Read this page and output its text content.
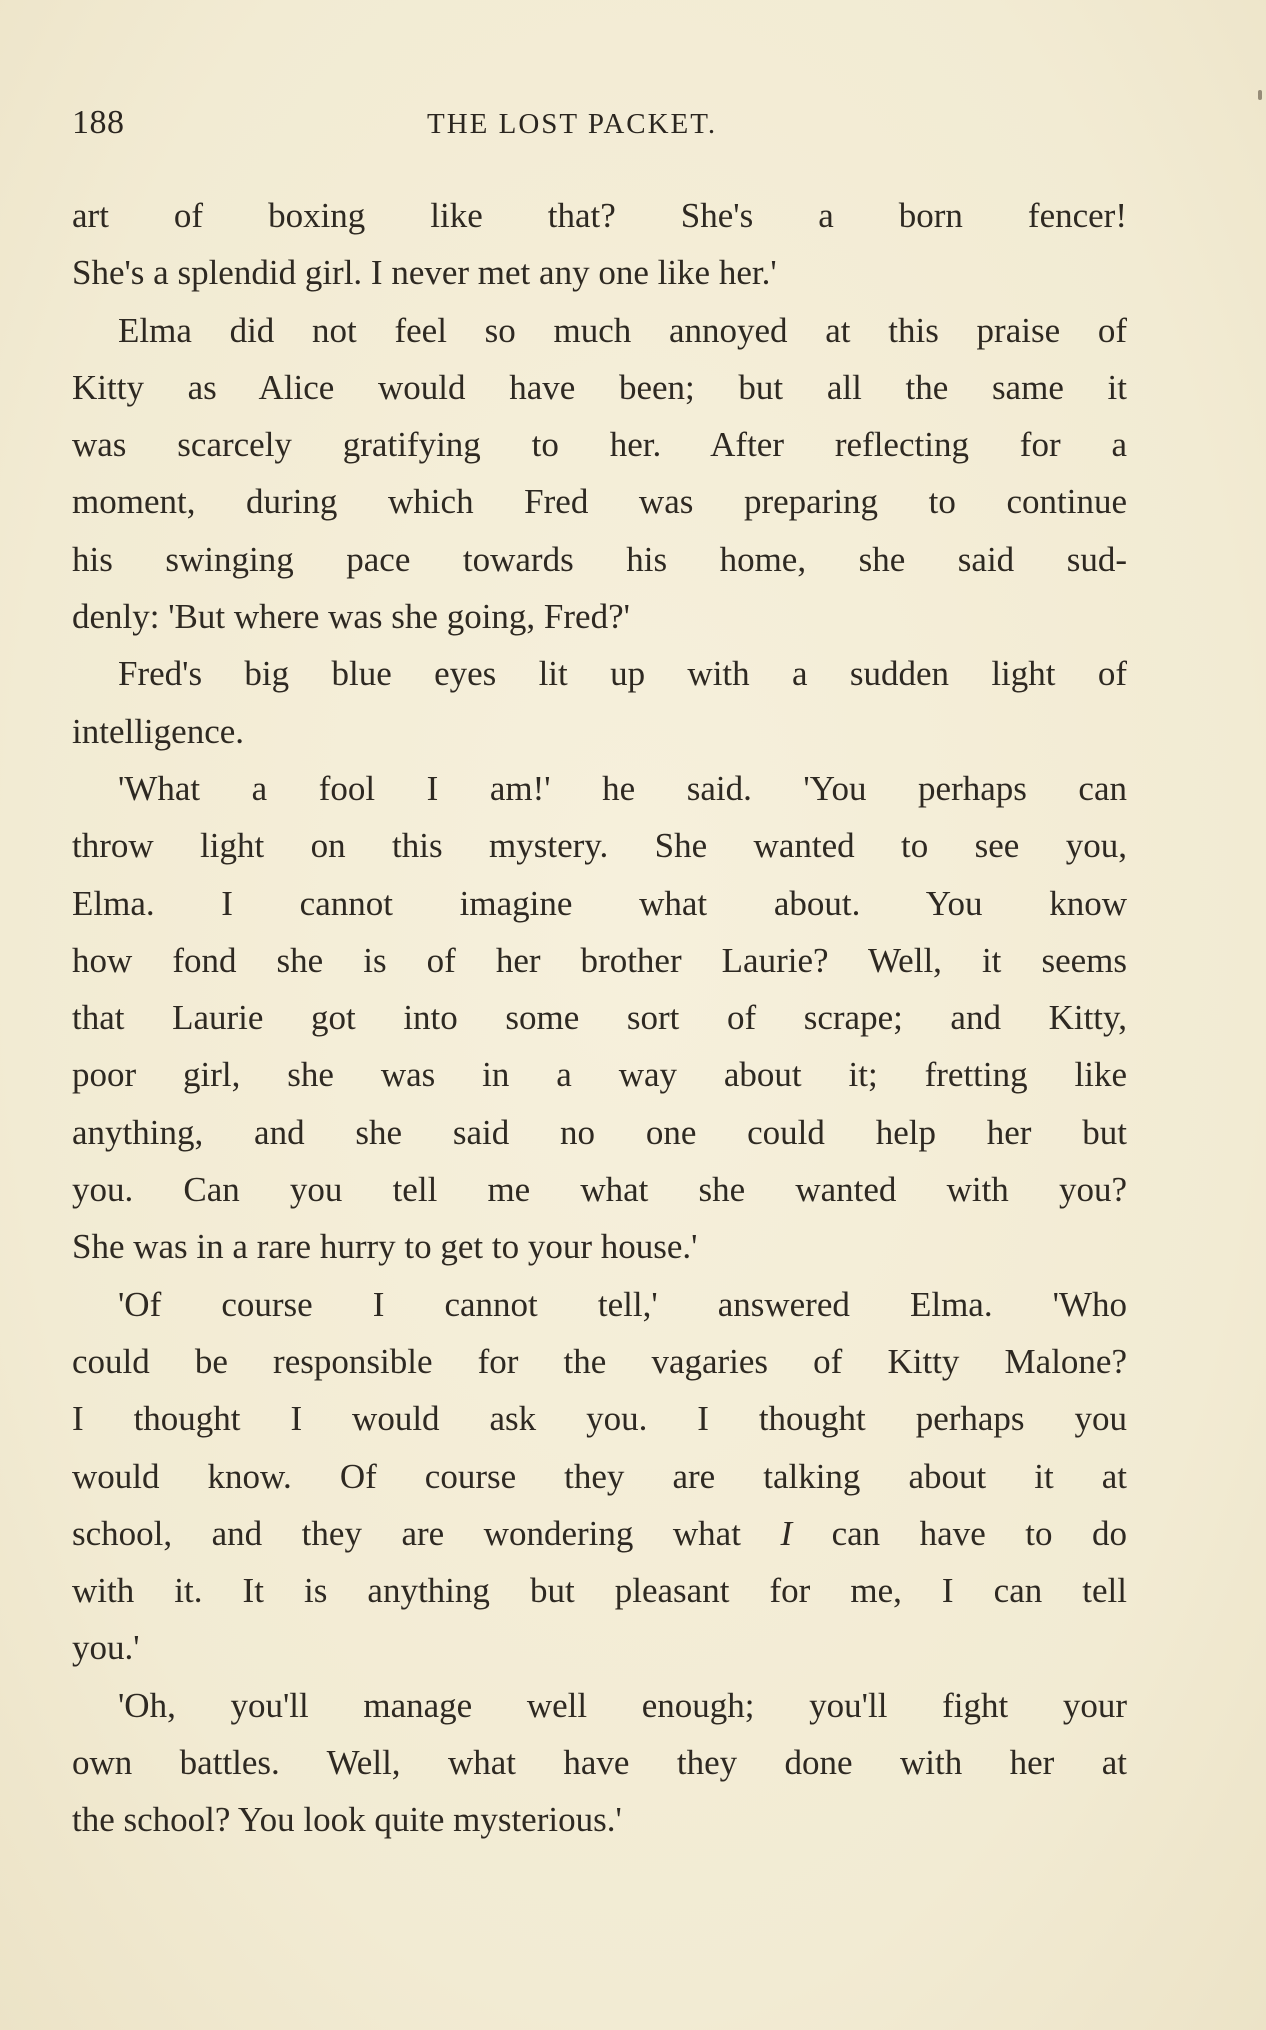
188	THE LOST PACKET.
art of boxing like that? She's a born fencer!
She's a splendid girl. I never met any one like her.'
Elma did not feel so much annoyed at this praise of
Kitty as Alice would have been; but all the same it
was scarcely gratifying to her. After reflecting for a
moment, during which Fred was preparing to continue
his swinging pace towards his home, she said sud-
denly: 'But where was she going, Fred?'
Fred's big blue eyes lit up with a sudden light of
intelligence.
'What a fool I am!' he said. 'You perhaps can
throw light on this mystery. She wanted to see you,
Elma. I cannot imagine what about. You know
how fond she is of her brother Laurie? Well, it seems
that Laurie got into some sort of scrape; and Kitty,
poor girl, she was in a way about it; fretting like
anything, and she said no one could help her but
you. Can you tell me what she wanted with you?
She was in a rare hurry to get to your house.'
'Of course I cannot tell,' answered Elma. 'Who
could be responsible for the vagaries of Kitty Malone?
I thought I would ask you. I thought perhaps you
would know. Of course they are talking about it at
school, and they are wondering what I can have to do
with it. It is anything but pleasant for me, I can tell
you.'
'Oh, you'll manage well enough; you'll fight your
own battles. Well, what have they done with her at
the school? You look quite mysterious.'
